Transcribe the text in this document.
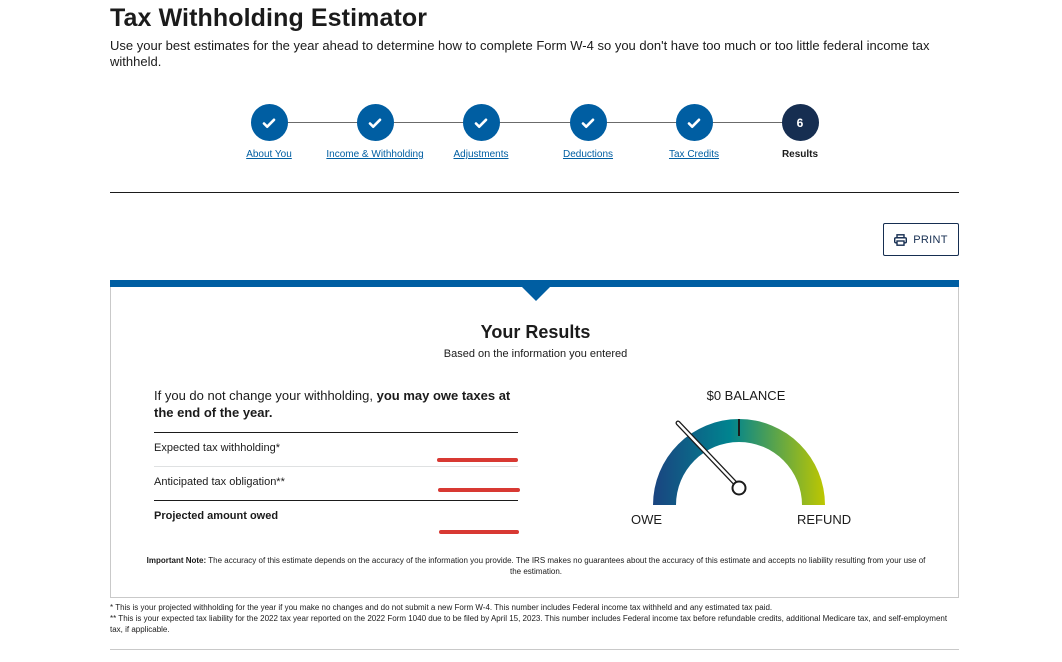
Tax Withholding Estimator

Use your best estimates for the year ahead to determine how to complete Form W-4 so you don't have too much or too little federal income tax withheld.

About You	Income & Withholding	Adjustments	Deductions	Tax Credits
6
Results
PRINT
Your Results
Based on the information you entered
If you do not change your withholding, you may owe taxes at the end of the year.
Expected tax withholding*
Anticipated tax obligation**
Projected amount owed
$0 BALANCE
OWE	REFUND
Important Note: The accuracy of this estimate depends on the accuracy of the information you provide. The IRS makes no guarantees about the accuracy of this estimate and accepts no liability resulting from your use of the estimation.
* This is your projected withholding for the year if you make no changes and do not submit a new Form W-4. This number includes Federal income tax withheld and any estimated tax paid.
** This is your expected tax liability for the 2022 tax year reported on the 2022 Form 1040 due to be filed by April 15, 2023. This number includes Federal income tax before refundable credits, additional Medicare tax, and self-employment tax, if applicable.
